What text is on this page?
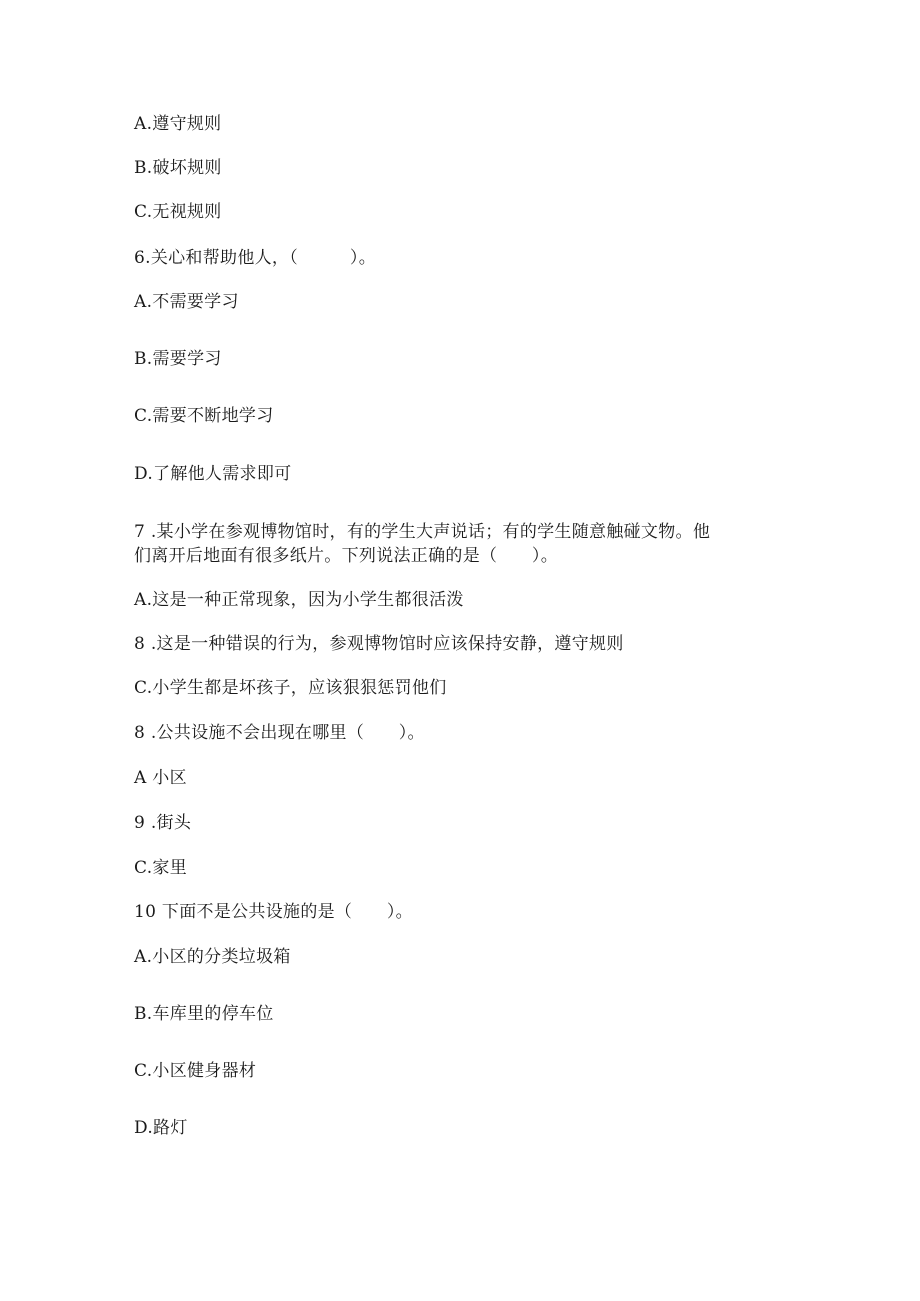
A.遵守规则
B.破坏规则
C.无视规则
6.关心和帮助他人，（　　　）。
A.不需要学习
B.需要学习
C.需要不断地学习
D.了解他人需求即可
7 .某小学在参观博物馆时，有的学生大声说话；有的学生随意触碰文物。他
们离开后地面有很多纸片。下列说法正确的是（　　）。
A.这是一种正常现象，因为小学生都很活泼
8 .这是一种错误的行为，参观博物馆时应该保持安静，遵守规则
C.小学生都是坏孩子，应该狠狠惩罚他们
8 .公共设施不会出现在哪里（　　）。
A 小区
9 .街头
C.家里
10 下面不是公共设施的是（　　）。
A.小区的分类垃圾箱
B.车库里的停车位
C.小区健身器材
D.路灯
